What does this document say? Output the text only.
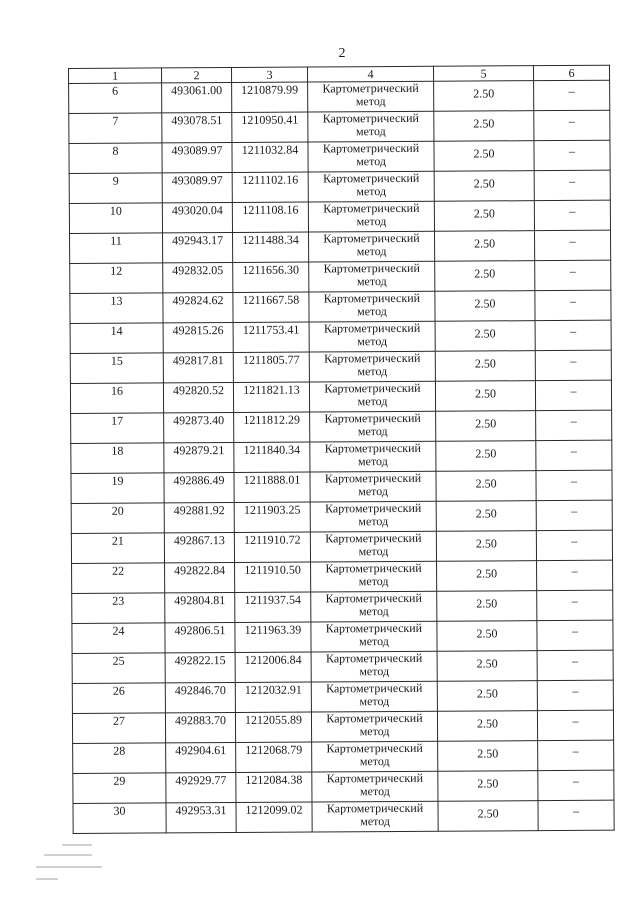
2
1	2	3	4	5	6
6	493061.00	1210879.99	Картометрический метод	2.50	–
7	493078.51	1210950.41	Картометрический метод	2.50	–
8	493089.97	1211032.84	Картометрический метод	2.50	–
9	493089.97	1211102.16	Картометрический метод	2.50	–
10	493020.04	1211108.16	Картометрический метод	2.50	–
11	492943.17	1211488.34	Картометрический метод	2.50	–
12	492832.05	1211656.30	Картометрический метод	2.50	–
13	492824.62	1211667.58	Картометрический метод	2.50	–
14	492815.26	1211753.41	Картометрический метод	2.50	–
15	492817.81	1211805.77	Картометрический метод	2.50	–
16	492820.52	1211821.13	Картометрический метод	2.50	–
17	492873.40	1211812.29	Картометрический метод	2.50	–
18	492879.21	1211840.34	Картометрический метод	2.50	–
19	492886.49	1211888.01	Картометрический метод	2.50	–
20	492881.92	1211903.25	Картометрический метод	2.50	–
21	492867.13	1211910.72	Картометрический метод	2.50	–
22	492822.84	1211910.50	Картометрический метод	2.50	–
23	492804.81	1211937.54	Картометрический метод	2.50	–
24	492806.51	1211963.39	Картометрический метод	2.50	–
25	492822.15	1212006.84	Картометрический метод	2.50	–
26	492846.70	1212032.91	Картометрический метод	2.50	–
27	492883.70	1212055.89	Картометрический метод	2.50	–
28	492904.61	1212068.79	Картометрический метод	2.50	–
29	492929.77	1212084.38	Картометрический метод	2.50	–
30	492953.31	1212099.02	Картометрический метод	2.50	–
